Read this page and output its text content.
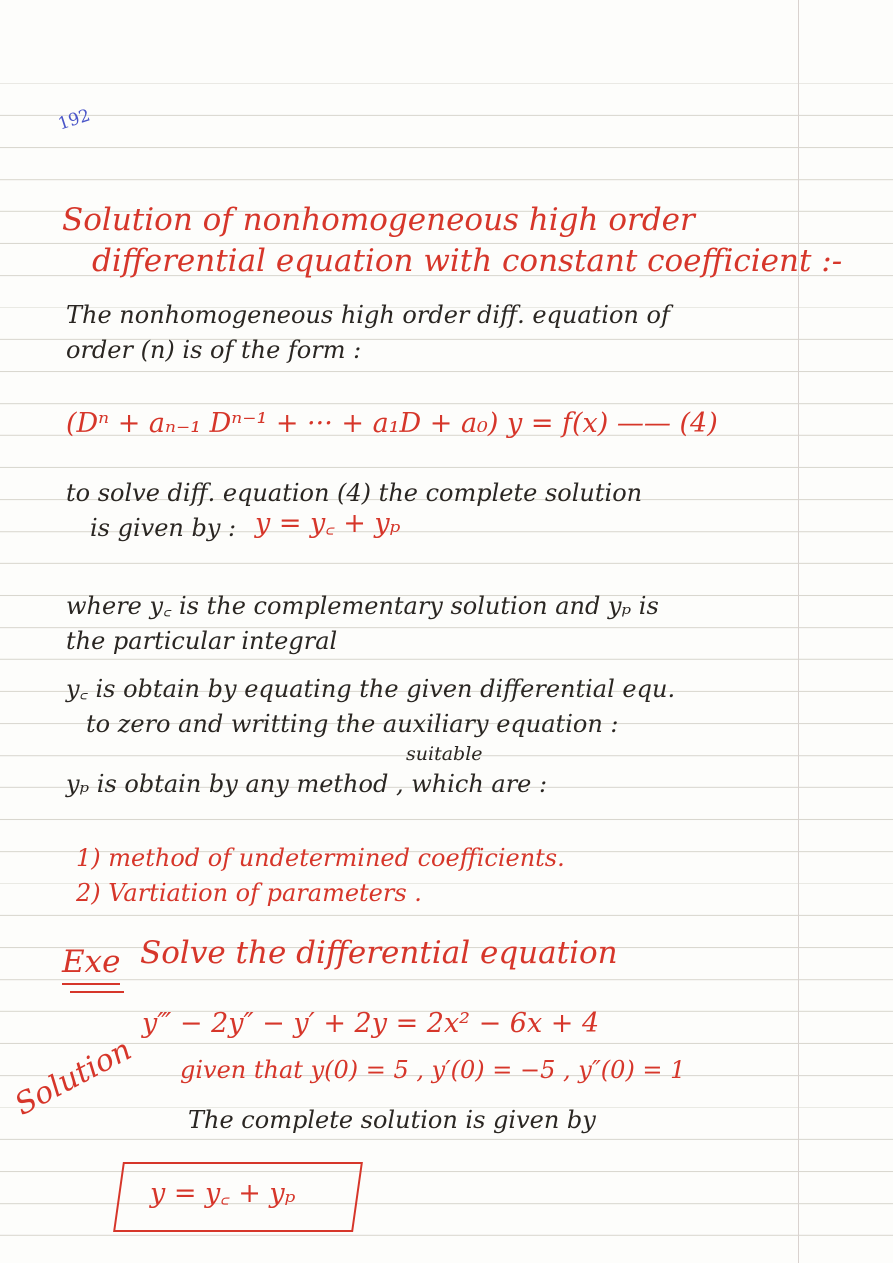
192
Solution of nonhomogeneous high order
differential equation with constant coefficient :-
The nonhomogeneous high order diff. equation of
order (n) is of the form :
(Dⁿ + aₙ₋₁ Dⁿ⁻¹ + ··· + a₁D + a₀) y = f(x) —— (4)
to solve diff. equation (4) the complete solution
is given by : y = y꜀ + yₚ
where y꜀ is the complementary solution and yₚ is
the particular integral
y꜀ is obtain by equating the given differential equ.
to zero and writting the auxiliary equation :
suitable
yₚ is obtain by any method , which are :
1) method of undetermined coefficients.
2) Vartiation of parameters .
Exe Solve the differential equation
y‴ − 2y″ − y′ + 2y = 2x² − 6x + 4
given that y(0) = 5 , y′(0) = −5 , y″(0) = 1
Solution The complete solution is given by
y = y꜀ + yₚ
